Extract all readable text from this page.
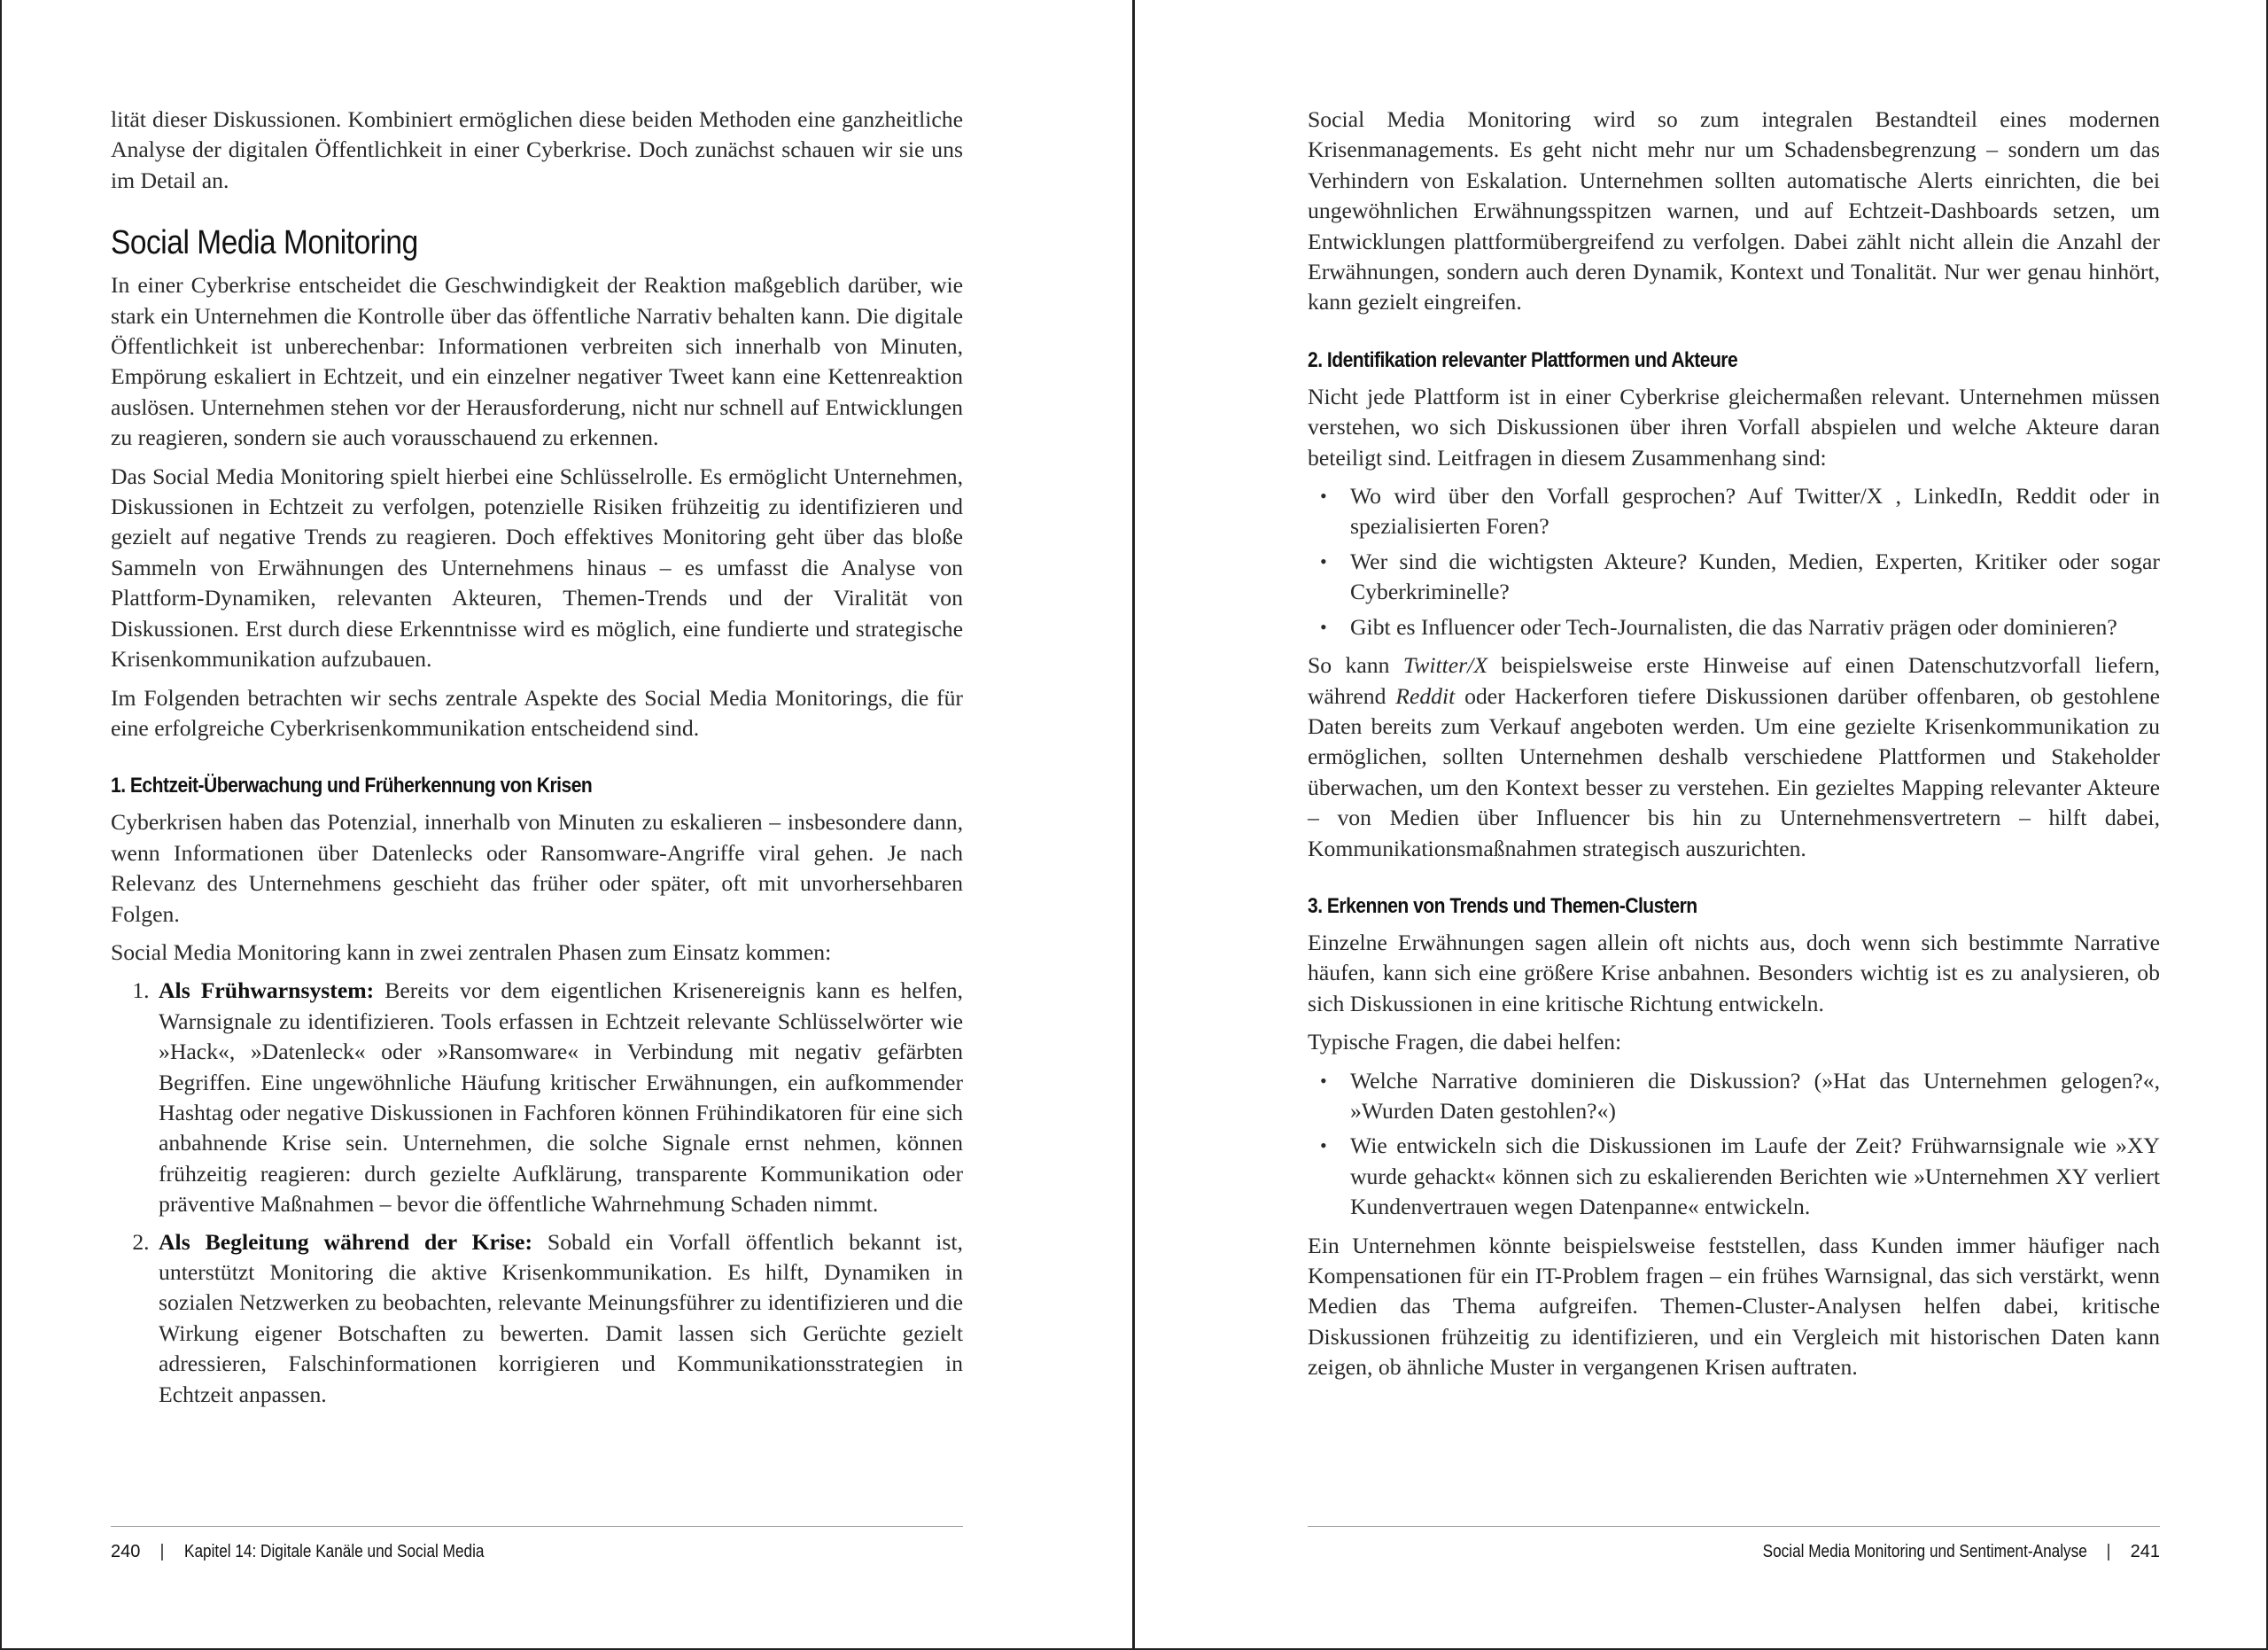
lität dieser Diskussionen. Kombiniert ermöglichen diese beiden Methoden eine ganzheitliche Analyse der digitalen Öffentlichkeit in einer Cyberkrise. Doch zunächst schauen wir sie uns im Detail an.

Social Media Monitoring

In einer Cyberkrise entscheidet die Geschwindigkeit der Reaktion maßgeblich darüber, wie stark ein Unternehmen die Kontrolle über das öffentliche Narrativ behalten kann. Die digitale Öffentlichkeit ist unberechenbar: Informationen verbreiten sich innerhalb von Minuten, Empörung eskaliert in Echtzeit, und ein einzelner negativer Tweet kann eine Kettenreaktion auslösen. Unternehmen stehen vor der Herausforderung, nicht nur schnell auf Entwicklungen zu reagieren, sondern sie auch vorausschauend zu erkennen.

Das Social Media Monitoring spielt hierbei eine Schlüsselrolle. Es ermöglicht Unternehmen, Diskussionen in Echtzeit zu verfolgen, potenzielle Risiken frühzeitig zu identifizieren und gezielt auf negative Trends zu reagieren. Doch effektives Monitoring geht über das bloße Sammeln von Erwähnungen des Unternehmens hinaus – es umfasst die Analyse von Plattform-Dynamiken, relevanten Akteuren, Themen-Trends und der Viralität von Diskussionen. Erst durch diese Erkenntnisse wird es möglich, eine fundierte und strategische Krisenkommunikation aufzubauen.

Im Folgenden betrachten wir sechs zentrale Aspekte des Social Media Monitorings, die für eine erfolgreiche Cyberkrisenkommunikation entscheidend sind.

1. Echtzeit-Überwachung und Früherkennung von Krisen

Cyberkrisen haben das Potenzial, innerhalb von Minuten zu eskalieren – insbesondere dann, wenn Informationen über Datenlecks oder Ransomware-Angriffe viral gehen. Je nach Relevanz des Unternehmens geschieht das früher oder später, oft mit unvorhersehbaren Folgen.

Social Media Monitoring kann in zwei zentralen Phasen zum Einsatz kommen:

1. Als Frühwarnsystem: Bereits vor dem eigentlichen Krisenereignis kann es helfen, Warnsignale zu identifizieren. Tools erfassen in Echtzeit relevante Schlüsselwörter wie »Hack«, »Datenleck« oder »Ransomware« in Verbindung mit negativ gefärbten Begriffen. Eine ungewöhnliche Häufung kritischer Erwähnungen, ein aufkommender Hashtag oder negative Diskussionen in Fachforen können Frühindikatoren für eine sich anbahnende Krise sein. Unternehmen, die solche Signale ernst nehmen, können frühzeitig reagieren: durch gezielte Aufklärung, transparente Kommunikation oder präventive Maßnahmen – bevor die öffentliche Wahrnehmung Schaden nimmt.
2. Als Begleitung während der Krise: Sobald ein Vorfall öffentlich bekannt ist, unterstützt Monitoring die aktive Krisenkommunikation. Es hilft, Dynamiken in sozialen Netzwerken zu beobachten, relevante Meinungsführer zu identifizieren und die Wirkung eigener Botschaften zu bewerten. Damit lassen sich Gerüchte gezielt adressieren, Falschinformationen korrigieren und Kommunikationsstrategien in Echtzeit anpassen.
240 | Kapitel 14: Digitale Kanäle und Social Media

Social Media Monitoring wird so zum integralen Bestandteil eines modernen Krisenmanagements. Es geht nicht mehr nur um Schadensbegrenzung – sondern um das Verhindern von Eskalation. Unternehmen sollten automatische Alerts einrichten, die bei ungewöhnlichen Erwähnungsspitzen warnen, und auf Echtzeit-Dashboards setzen, um Entwicklungen plattformübergreifend zu verfolgen. Dabei zählt nicht allein die Anzahl der Erwähnungen, sondern auch deren Dynamik, Kontext und Tonalität. Nur wer genau hinhört, kann gezielt eingreifen.

2. Identifikation relevanter Plattformen und Akteure

Nicht jede Plattform ist in einer Cyberkrise gleichermaßen relevant. Unternehmen müssen verstehen, wo sich Diskussionen über ihren Vorfall abspielen und welche Akteure daran beteiligt sind. Leitfragen in diesem Zusammenhang sind:

• Wo wird über den Vorfall gesprochen? Auf Twitter/X , LinkedIn, Reddit oder in spezialisierten Foren?
• Wer sind die wichtigsten Akteure? Kunden, Medien, Experten, Kritiker oder sogar Cyberkriminelle?
• Gibt es Influencer oder Tech-Journalisten, die das Narrativ prägen oder dominieren?

So kann Twitter/X beispielsweise erste Hinweise auf einen Datenschutzvorfall liefern, während Reddit oder Hackerforen tiefere Diskussionen darüber offenbaren, ob gestohlene Daten bereits zum Verkauf angeboten werden. Um eine gezielte Krisenkommunikation zu ermöglichen, sollten Unternehmen deshalb verschiedene Plattformen und Stakeholder überwachen, um den Kontext besser zu verstehen. Ein gezieltes Mapping relevanter Akteure – von Medien über Influencer bis hin zu Unternehmensvertretern – hilft dabei, Kommunikationsmaßnahmen strategisch auszurichten.

3. Erkennen von Trends und Themen-Clustern

Einzelne Erwähnungen sagen allein oft nichts aus, doch wenn sich bestimmte Narrative häufen, kann sich eine größere Krise anbahnen. Besonders wichtig ist es zu analysieren, ob sich Diskussionen in eine kritische Richtung entwickeln.

Typische Fragen, die dabei helfen:

• Welche Narrative dominieren die Diskussion? (»Hat das Unternehmen gelogen?«, »Wurden Daten gestohlen?«)
• Wie entwickeln sich die Diskussionen im Laufe der Zeit? Frühwarnsignale wie »XY wurde gehackt« können sich zu eskalierenden Berichten wie »Unternehmen XY verliert Kundenvertrauen wegen Datenpanne« entwickeln.

Ein Unternehmen könnte beispielsweise feststellen, dass Kunden immer häufiger nach Kompensationen für ein IT-Problem fragen – ein frühes Warnsignal, das sich verstärkt, wenn Medien das Thema aufgreifen. Themen-Cluster-Analysen helfen dabei, kritische Diskussionen frühzeitig zu identifizieren, und ein Vergleich mit historischen Daten kann zeigen, ob ähnliche Muster in vergangenen Krisen auftraten.

Social Media Monitoring und Sentiment-Analyse | 241
